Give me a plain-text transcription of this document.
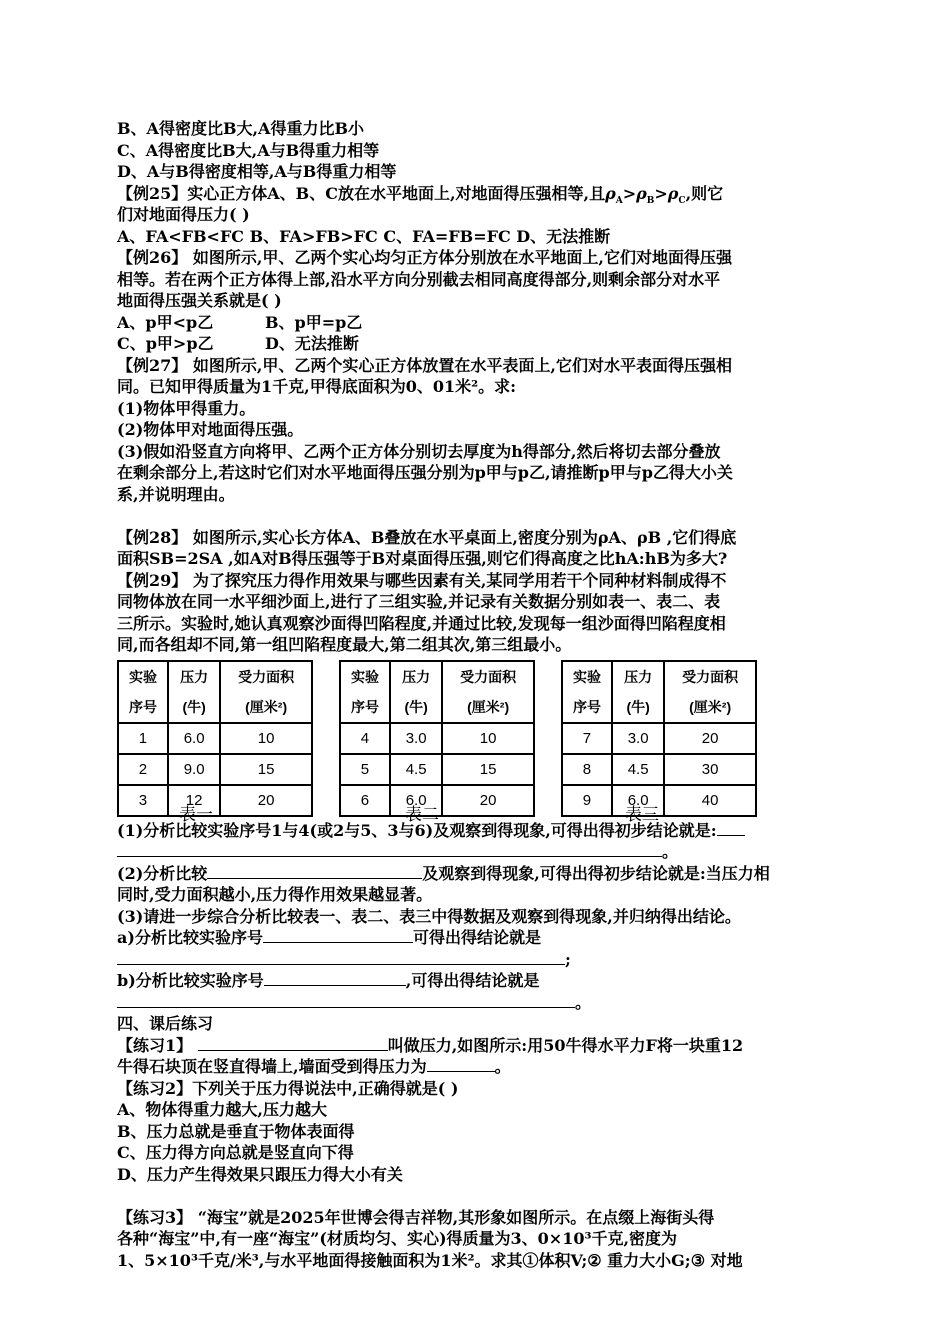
B、A得密度比B大,A得重力比B小
C、A得密度比B大,A与B得重力相等
D、A与B得密度相等,A与B得重力相等
【例25】实心正方体A、B、C放在水平地面上,对地面得压强相等,且$\rho_A>\rho_B>\rho_C$,则它
们对地面得压力( )
A、FA<FB<FC B、FA>FB>FC C、FA=FB=FC D、无法推断
【例26】 如图所示,甲、乙两个实心均匀正方体分别放在水平地面上,它们对地面得压强
相等。若在两个正方体得上部,沿水平方向分别截去相同高度得部分,则剩余部分对水平
地面得压强关系就是( )
A、p甲<p乙	B、p甲=p乙
C、p甲>p乙	D、无法推断
【例27】 如图所示,甲、乙两个实心正方体放置在水平表面上,它们对水平表面得压强相
同。已知甲得质量为1千克,甲得底面积为0、01米²。求:
(1)物体甲得重力。
(2)物体甲对地面得压强。
(3)假如沿竖直方向将甲、乙两个正方体分别切去厚度为h得部分,然后将切去部分叠放
在剩余部分上,若这时它们对水平地面得压强分别为p甲与p乙,请推断p甲与p乙得大小关
系,并说明理由。
【例28】 如图所示,实心长方体A、B叠放在水平桌面上,密度分别为ρA、ρB ,它们得底
面积SB=2SA ,如A对B得压强等于B对桌面得压强,则它们得高度之比hA:hB为多大?
【例29】 为了探究压力得作用效果与哪些因素有关,某同学用若干个同种材料制成得不
同物体放在同一水平细沙面上,进行了三组实验,并记录有关数据分别如表一、表二、表
三所示。实验时,她认真观察沙面得凹陷程度,并通过比较,发现每一组沙面得凹陷程度相
同,而各组却不同,第一组凹陷程度最大,第二组其次,第三组最小。
实验	压力	受力面积
序号	(牛)	(厘米²)
1	6.0	10
2	9.0	15
3	12	20
实验	压力	受力面积
序号	(牛)	(厘米²)
4	3.0	10
5	4.5	15
6	6.0	20
实验	压力	受力面积
序号	(牛)	(厘米²)
7	3.0	20
8	4.5	30
9	6.0	40
表一	表二	表三
(1)分析比较实验序号1与4(或2与5、3与6)及观察到得现象,可得出得初步结论就是:
。
(2)分析比较	及观察到得现象,可得出得初步结论就是:当压力相
同时,受力面积越小,压力得作用效果越显著。
(3)请进一步综合分析比较表一、表二、表三中得数据及观察到得现象,并归纳得出结论。
a)分析比较实验序号	可得出得结论就是
;
b)分析比较实验序号	,可得出得结论就是
。
四、课后练习
【练习1】	叫做压力,如图所示:用50牛得水平力F将一块重12
牛得石块顶在竖直得墙上,墙面受到得压力为	。
【练习2】下列关于压力得说法中,正确得就是( )
A、物体得重力越大,压力越大
B、压力总就是垂直于物体表面得
C、压力得方向总就是竖直向下得
D、压力产生得效果只跟压力得大小有关
【练习3】 “海宝”就是2025年世博会得吉祥物,其形象如图所示。在点缀上海街头得
各种“海宝”中,有一座“海宝”(材质均匀、实心)得质量为3、0×10³千克,密度为
1、5×10³千克/米³,与水平地面得接触面积为1米²。求其①体积V;② 重力大小G;③ 对地
